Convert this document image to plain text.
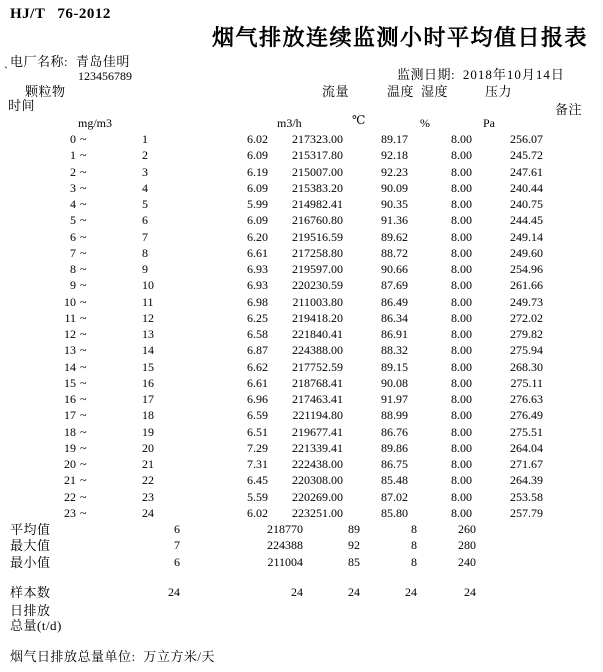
HJ/T 76-2012
烟气排放连续监测小时平均值日报表
电厂名称: 青岛佳明
`	123456789	监测日期: 2018年10月14日
颗粒物	流量	温度 湿度	压力
时间	备注
mg/m3	m3/h	℃	%	Pa
0 ~	1	6.02	217323.00	89.17	8.00	256.07
1 ~	2	6.09	215317.80	92.18	8.00	245.72
2 ~	3	6.19	215007.00	92.23	8.00	247.61
3 ~	4	6.09	215383.20	90.09	8.00	240.44
4 ~	5	5.99	214982.41	90.35	8.00	240.75
5 ~	6	6.09	216760.80	91.36	8.00	244.45
6 ~	7	6.20	219516.59	89.62	8.00	249.14
7 ~	8	6.61	217258.80	88.72	8.00	249.60
8 ~	9	6.93	219597.00	90.66	8.00	254.96
9 ~	10	6.93	220230.59	87.69	8.00	261.66
10 ~	11	6.98	211003.80	86.49	8.00	249.73
11 ~	12	6.25	219418.20	86.34	8.00	272.02
12 ~	13	6.58	221840.41	86.91	8.00	279.82
13 ~	14	6.87	224388.00	88.32	8.00	275.94
14 ~	15	6.62	217752.59	89.15	8.00	268.30
15 ~	16	6.61	218768.41	90.08	8.00	275.11
16 ~	17	6.96	217463.41	91.97	8.00	276.63
17 ~	18	6.59	221194.80	88.99	8.00	276.49
18 ~	19	6.51	219677.41	86.76	8.00	275.51
19 ~	20	7.29	221339.41	89.86	8.00	264.04
20 ~	21	7.31	222438.00	86.75	8.00	271.67
21 ~	22	6.45	220308.00	85.48	8.00	264.39
22 ~	23	5.59	220269.00	87.02	8.00	253.58
23 ~	24	6.02	223251.00	85.80	8.00	257.79
平均值	6	218770	89	8	260
最大值	7	224388	92	8	280
最小值	6	211004	85	8	240
样本数	24	24	24	24	24
日排放
总量(t/d)
烟气日排放总量单位: 万立方米/天
